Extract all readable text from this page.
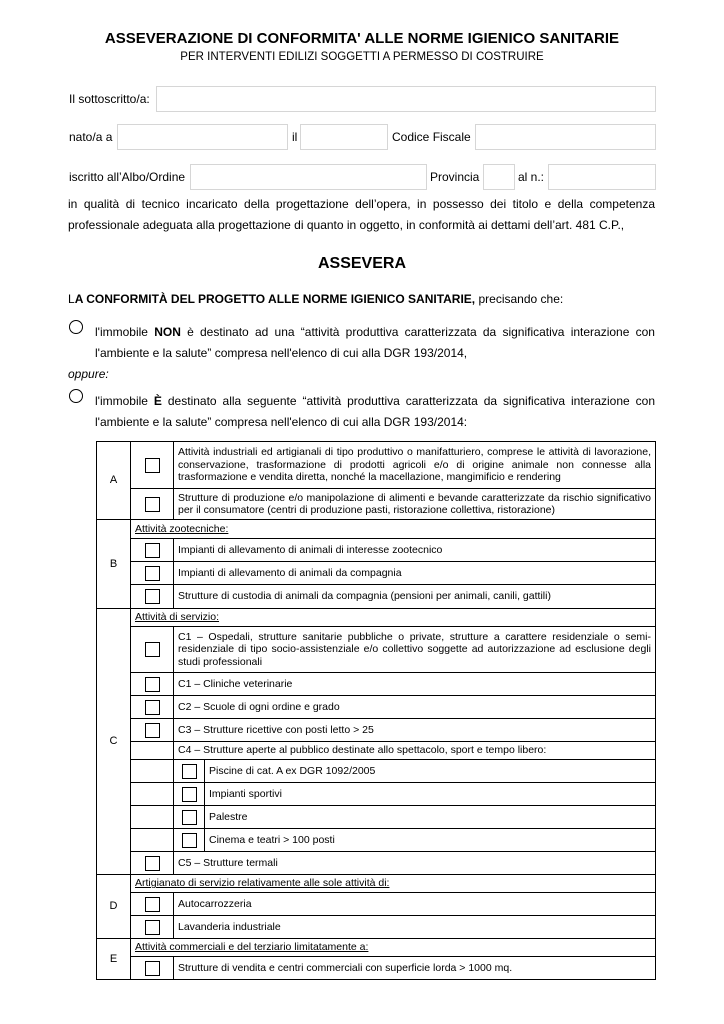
ASSEVERAZIONE DI CONFORMITA' ALLE NORME IGIENICO SANITARIE
PER INTERVENTI EDILIZI SOGGETTI A PERMESSO DI COSTRUIRE
Il sottoscritto/a:
nato/a a	il	Codice Fiscale
iscritto all’Albo/Ordine	Provincia	al n.:
in qualità di tecnico incaricato della progettazione dell’opera, in possesso dei titolo e della competenza
professionale adeguata alla progettazione di quanto in oggetto, in conformità ai dettami dell’art. 481 C.P.,
ASSEVERA
LA CONFORMITÀ DEL PROGETTO ALLE NORME IGIENICO SANITARIE, precisando che:
l'immobile NON è destinato ad una “attività produttiva caratterizzata da significativa interazione con
l'ambiente e la salute” compresa nell'elenco di cui alla DGR 193/2014,
oppure:
l'immobile È destinato alla seguente “attività produttiva caratterizzata da significativa interazione con
l'ambiente e la salute” compresa nell'elenco di cui alla DGR 193/2014:
A		Attività industriali ed artigianali di tipo produttivo o manifatturiero, comprese le attività di lavorazione, conservazione, trasformazione di prodotti agricoli e/o di origine animale non connesse alla trasformazione e vendita diretta, nonché la macellazione, mangimificio e rendering	
		Strutture di produzione e/o manipolazione di alimenti e bevande caratterizzate da rischio significativo per il consumatore (centri di produzione pasti, ristorazione collettiva, ristorazione)	
B	Attività zootecniche:		
		Impianti di allevamento di animali di interesse zootecnico	
		Impianti di allevamento di animali da compagnia	
		Strutture di custodia di animali da compagnia (pensioni per animali, canili, gattili)	
C	Attività di servizio:		
		C1 – Ospedali, strutture sanitarie pubbliche o private, strutture a carattere residenziale o semi-residenziale di tipo socio-assistenziale e/o collettivo soggette ad autorizzazione ad esclusione degli studi professionali	
		C1 – Cliniche veterinarie	
		C2 – Scuole di ogni ordine e grado	
		C3 – Strutture ricettive con posti letto > 25	
		C4 – Strutture aperte al pubblico destinate allo spettacolo, sport e tempo libero:	
			Piscine di cat. A ex DGR 1092/2005
			Impianti sportivi
			Palestre
			Cinema e teatri > 100 posti
		C5 – Strutture termali	
D	Artigianato di servizio relativamente alle sole attività di:		
		Autocarrozzeria	
		Lavanderia industriale	
E	Attività commerciali e del terziario limitatamente a:		
		Strutture di vendita e centri commerciali con superficie lorda > 1000 mq.	
